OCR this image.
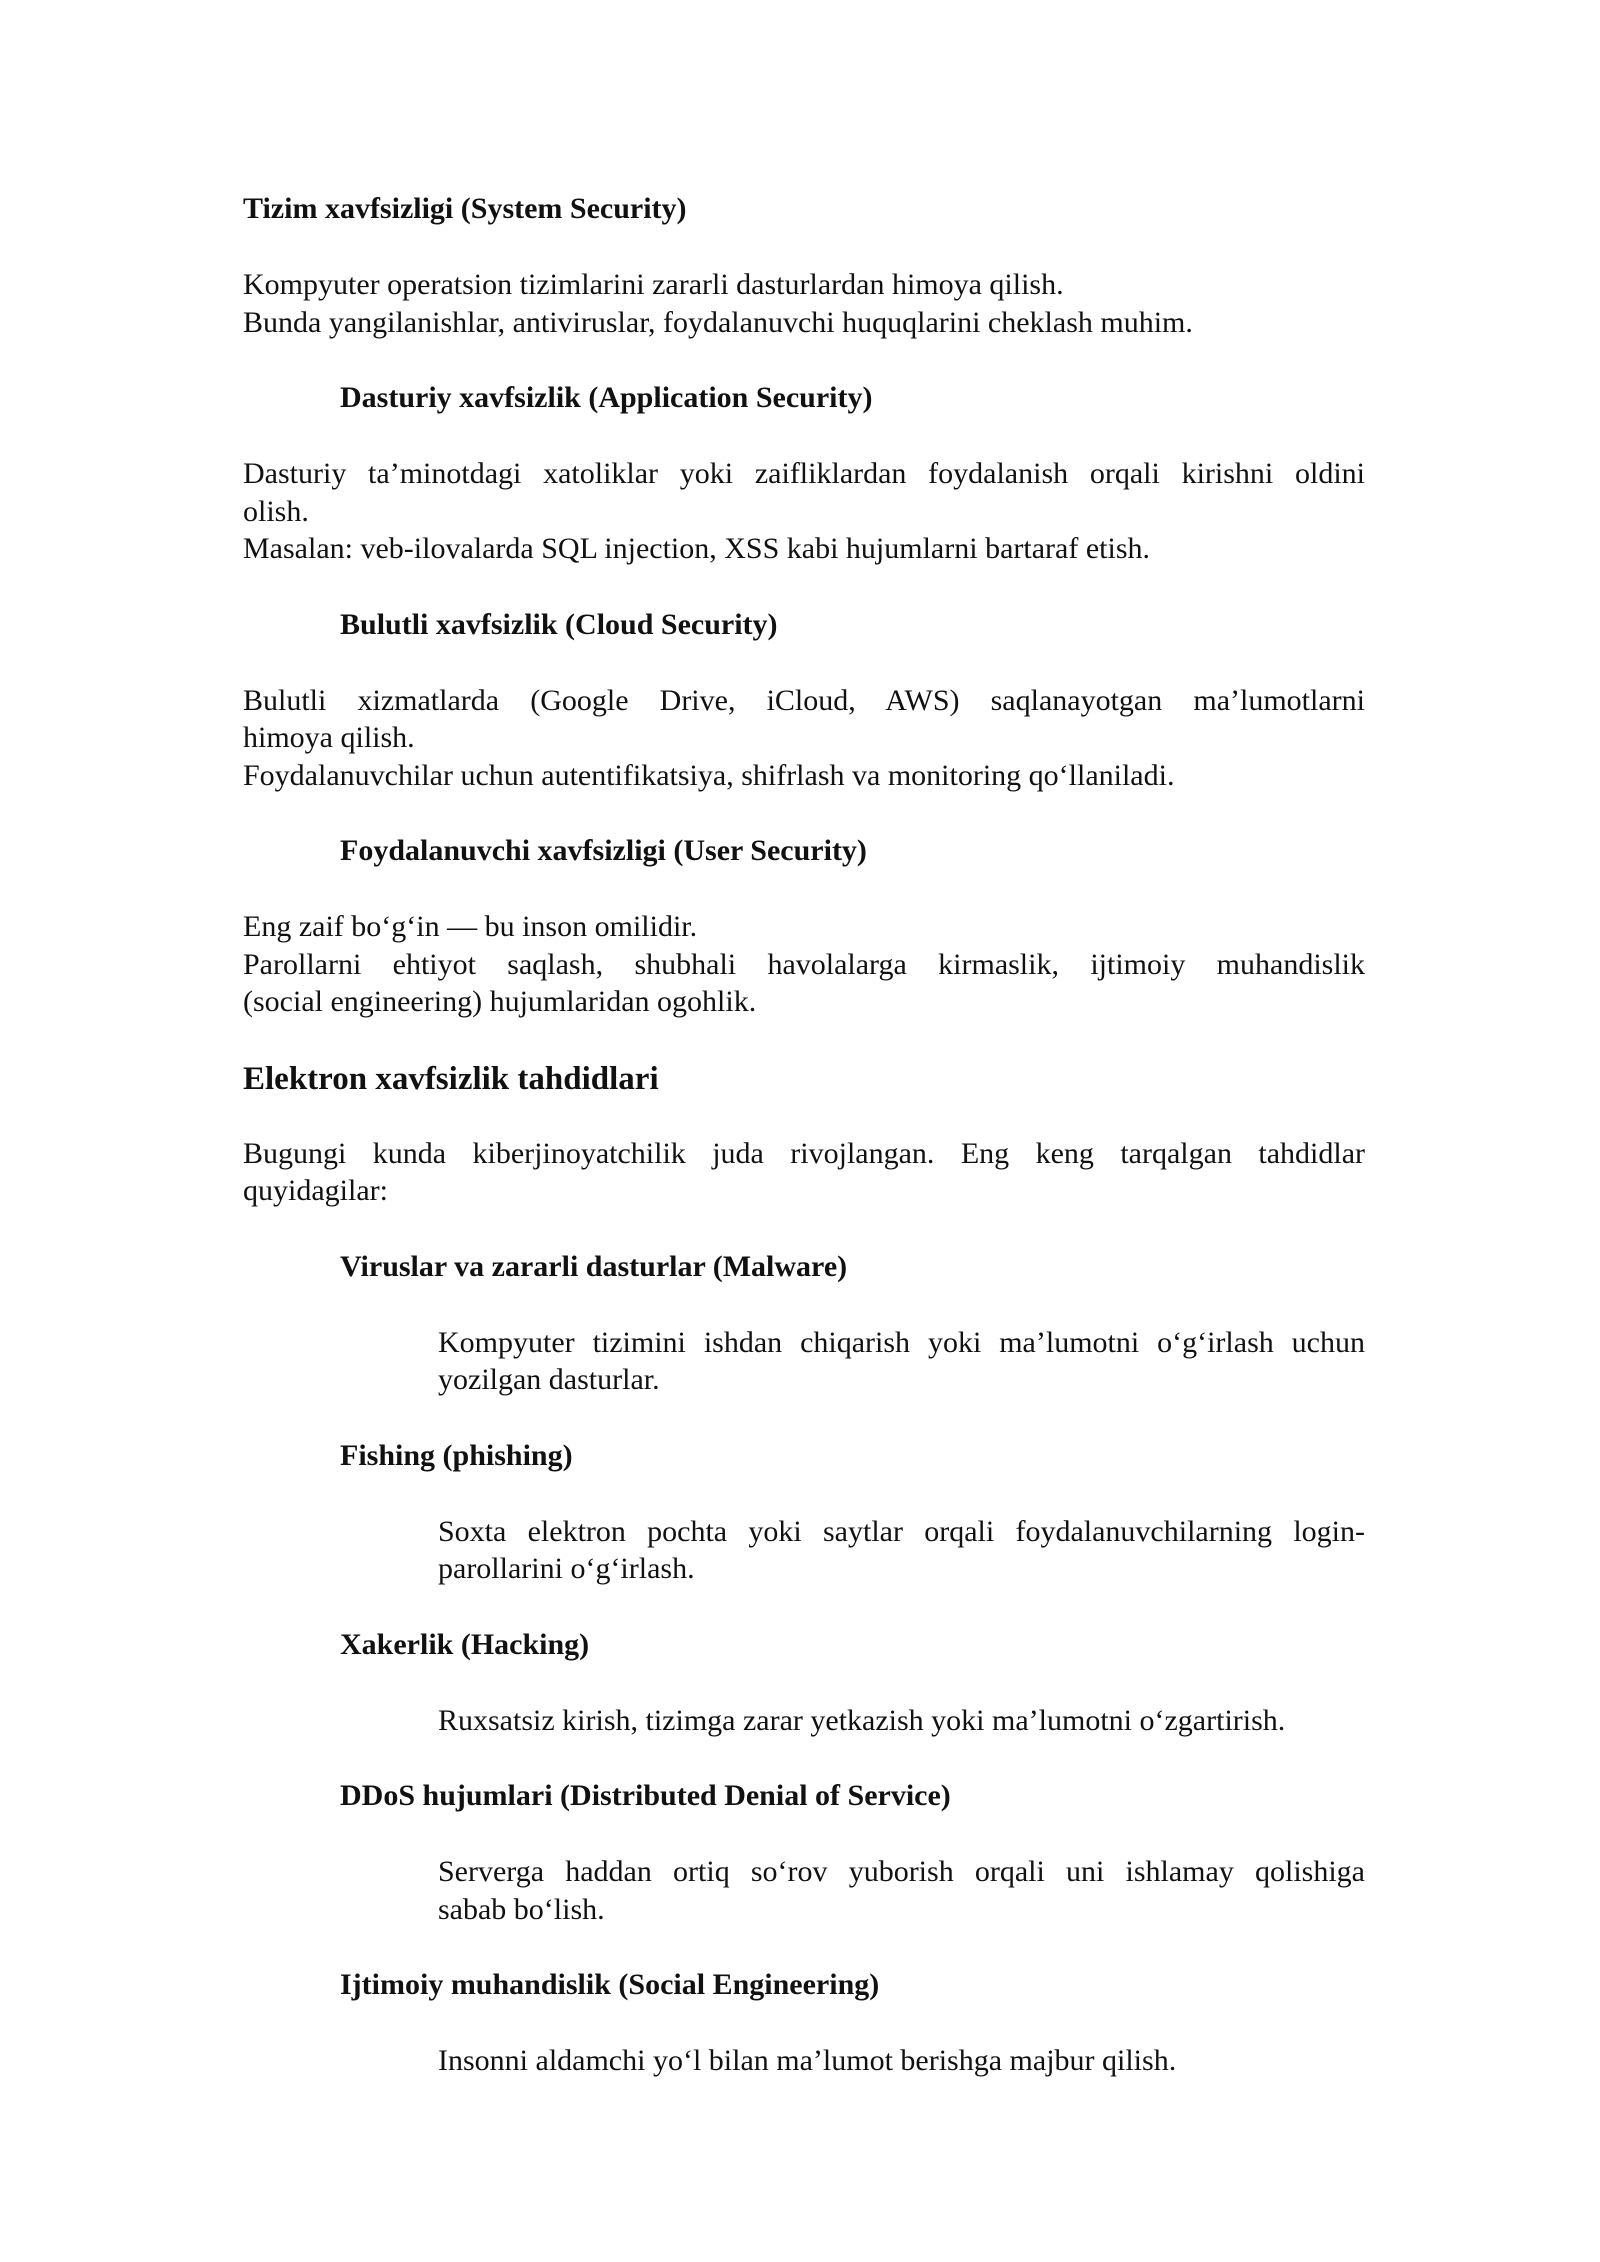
Tizim xavfsizligi (System Security)
Kompyuter operatsion tizimlarini zararli dasturlardan himoya qilish.
Bunda yangilanishlar, antiviruslar, foydalanuvchi huquqlarini cheklash muhim.
Dasturiy xavfsizlik (Application Security)
Dasturiy ta’minotdagi xatoliklar yoki zaifliklardan foydalanish orqali kirishni oldini
olish.
Masalan: veb-ilovalarda SQL injection, XSS kabi hujumlarni bartaraf etish.
Bulutli xavfsizlik (Cloud Security)
Bulutli xizmatlarda (Google Drive, iCloud, AWS) saqlanayotgan ma’lumotlarni
himoya qilish.
Foydalanuvchilar uchun autentifikatsiya, shifrlash va monitoring qo‘llaniladi.
Foydalanuvchi xavfsizligi (User Security)
Eng zaif bo‘g‘in — bu inson omilidir.
Parollarni ehtiyot saqlash, shubhali havolalarga kirmaslik, ijtimoiy muhandislik
(social engineering) hujumlaridan ogohlik.
Elektron xavfsizlik tahdidlari
Bugungi kunda kiberjinoyatchilik juda rivojlangan. Eng keng tarqalgan tahdidlar
quyidagilar:
Viruslar va zararli dasturlar (Malware)
Kompyuter tizimini ishdan chiqarish yoki ma’lumotni o‘g‘irlash uchun
yozilgan dasturlar.
Fishing (phishing)
Soxta elektron pochta yoki saytlar orqali foydalanuvchilarning login-
parollarini o‘g‘irlash.
Xakerlik (Hacking)
Ruxsatsiz kirish, tizimga zarar yetkazish yoki ma’lumotni o‘zgartirish.
DDoS hujumlari (Distributed Denial of Service)
Serverga haddan ortiq so‘rov yuborish orqali uni ishlamay qolishiga
sabab bo‘lish.
Ijtimoiy muhandislik (Social Engineering)
Insonni aldamchi yo‘l bilan ma’lumot berishga majbur qilish.
